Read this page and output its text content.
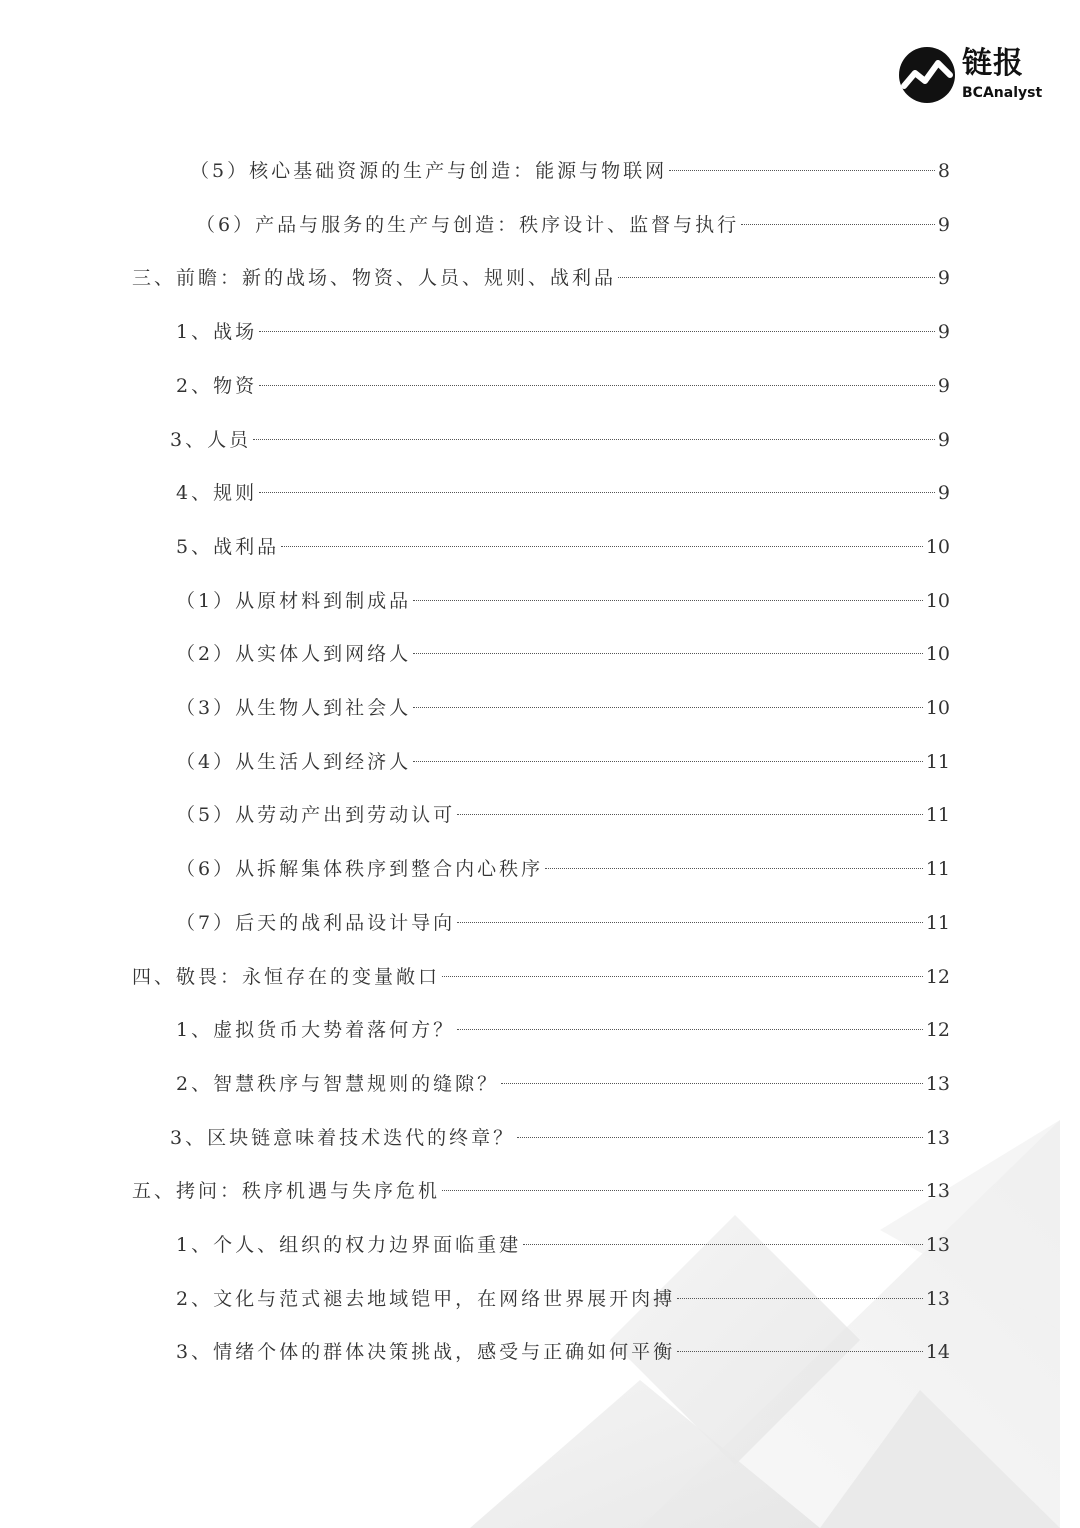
链报
BCAnalyst
（5）核心基础资源的生产与创造：能源与物联网	8
（6）产品与服务的生产与创造：秩序设计、监督与执行	9
三、前瞻：新的战场、物资、人员、规则、战利品	9
1、战场	9
2、物资	9
3、人员	9
4、规则	9
5、战利品	10
（1）从原材料到制成品	10
（2）从实体人到网络人	10
（3）从生物人到社会人	10
（4）从生活人到经济人	11
（5）从劳动产出到劳动认可	11
（6）从拆解集体秩序到整合内心秩序	11
（7）后天的战利品设计导向	11
四、敬畏：永恒存在的变量敞口	12
1、虚拟货币大势着落何方？	12
2、智慧秩序与智慧规则的缝隙？	13
3、区块链意味着技术迭代的终章？	13
五、拷问：秩序机遇与失序危机	13
1、个人、组织的权力边界面临重建	13
2、文化与范式褪去地域铠甲，在网络世界展开肉搏	13
3、情绪个体的群体决策挑战，感受与正确如何平衡	14
